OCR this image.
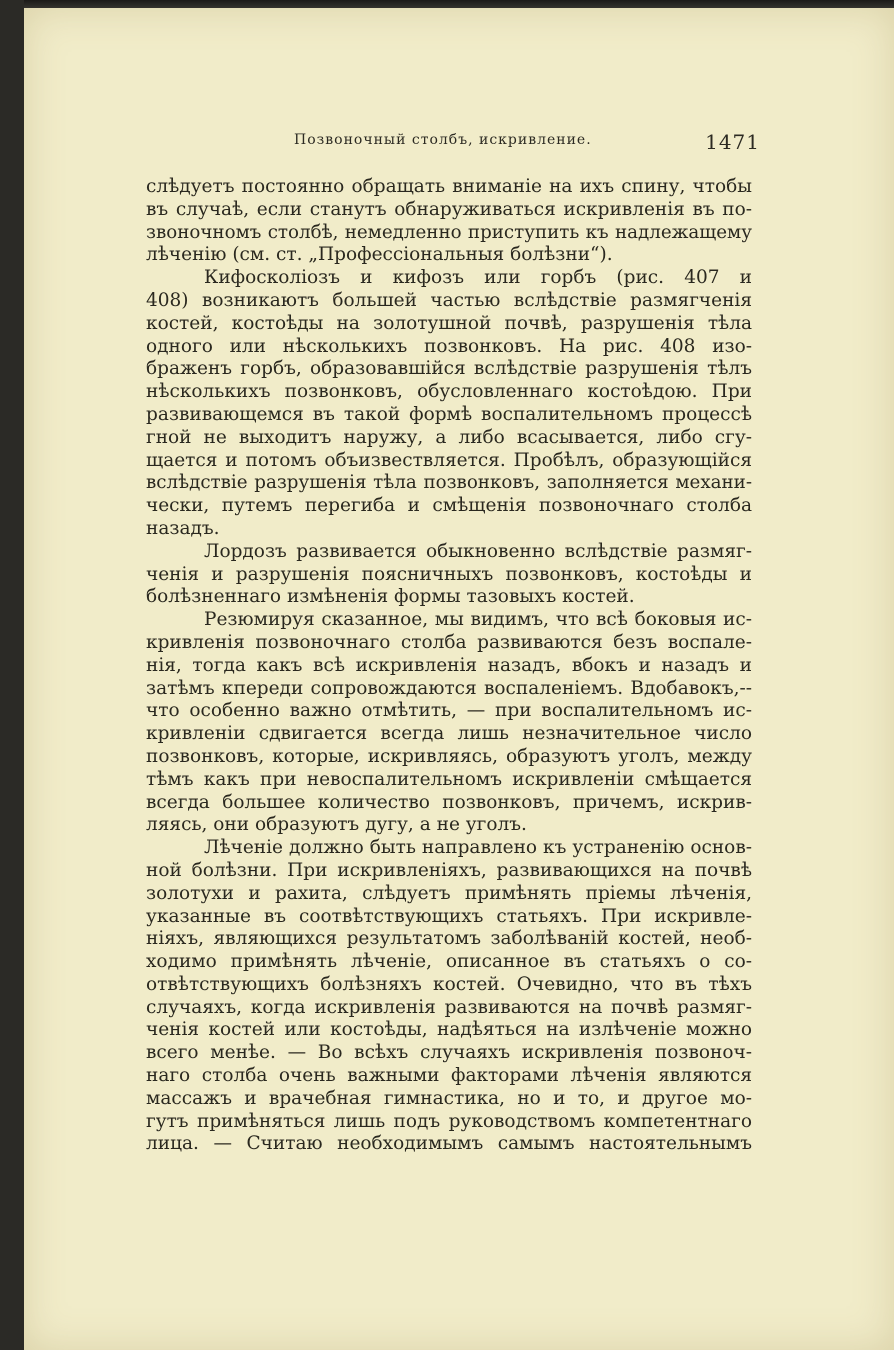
Позвоночный столбъ, искривление.	1471
слѣдуетъ постоянно обращать вниманіе на ихъ спину, чтобы
въ случаѣ, если станутъ обнаруживаться искривленія въ по-
звоночномъ столбѣ, немедленно приступить къ надлежащему
лѣченію (см. ст. „Профессіональныя болѣзни“).
Кифосколіозъ и кифозъ или горбъ (рис. 407 и
408) возникаютъ большей частью вслѣдствіе размягченія
костей, костоѣды на золотушной почвѣ, разрушенія тѣла
одного или нѣсколькихъ позвонковъ. На рис. 408 изо-
браженъ горбъ, образовавшійся вслѣдствіе разрушенія тѣлъ
нѣсколькихъ позвонковъ, обусловленнаго костоѣдою. При
развивающемся въ такой формѣ воспалительномъ процессѣ
гной не выходитъ наружу, а либо всасывается, либо сгу-
щается и потомъ объизвествляется. Пробѣлъ, образующійся
вслѣдствіе разрушенія тѣла позвонковъ, заполняется механи-
чески, путемъ перегиба и смѣщенія позвоночнаго столба
назадъ.
Лордозъ развивается обыкновенно вслѣдствіе размяг-
ченія и разрушенія поясничныхъ позвонковъ, костоѣды и
болѣзненнаго измѣненія формы тазовыхъ костей.
Резюмируя сказанное, мы видимъ, что всѣ боковыя ис-
кривленія позвоночнаго столба развиваются безъ воспале-
нія, тогда какъ всѣ искривленія назадъ, вбокъ и назадъ и
затѣмъ кпереди сопровождаются воспаленіемъ. Вдобавокъ,--
что особенно важно отмѣтить, — при воспалительномъ ис-
кривленіи сдвигается всегда лишь незначительное число
позвонковъ, которые, искривляясь, образуютъ уголъ, между
тѣмъ какъ при невоспалительномъ искривленіи смѣщается
всегда большее количество позвонковъ, причемъ, искрив-
ляясь, они образуютъ дугу, а не уголъ.
Лѣченіе должно быть направлено къ устраненію основ-
ной болѣзни. При искривленіяхъ, развивающихся на почвѣ
золотухи и рахита, слѣдуетъ примѣнять пріемы лѣченія,
указанные въ соотвѣтствующихъ статьяхъ. При искривле-
ніяхъ, являющихся результатомъ заболѣваній костей, необ-
ходимо примѣнять лѣченіе, описанное въ статьяхъ о со-
отвѣтствующихъ болѣзняхъ костей. Очевидно, что въ тѣхъ
случаяхъ, когда искривленія развиваются на почвѣ размяг-
ченія костей или костоѣды, надѣяться на излѣченіе можно
всего менѣе. — Во всѣхъ случаяхъ искривленія позвоноч-
наго столба очень важными факторами лѣченія являются
массажъ и врачебная гимнастика, но и то, и другое мо-
гутъ примѣняться лишь подъ руководствомъ компетентнаго
лица. — Считаю необходимымъ самымъ настоятельнымъ
